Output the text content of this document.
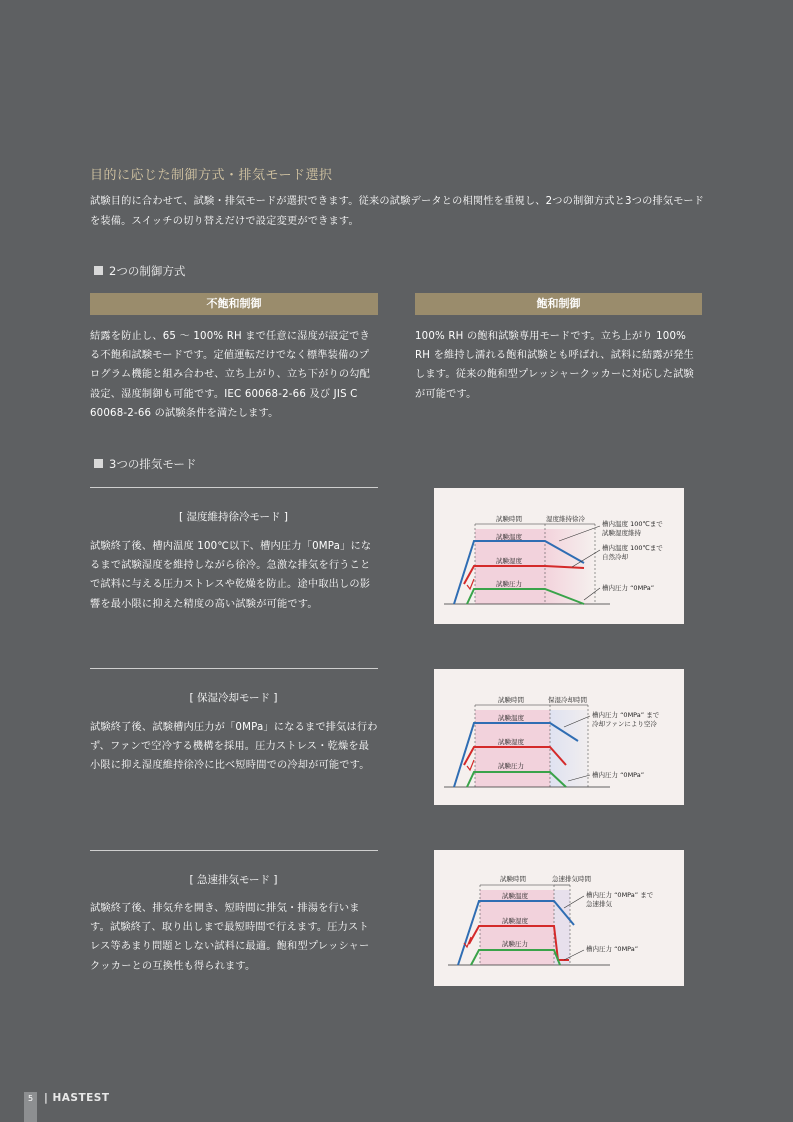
目的に応じた制御方式・排気モード選択
試験目的に合わせて、試験・排気モードが選択できます。従来の試験データとの相関性を重視し、2つの制御方式と3つの排気モードを装備。スイッチの切り替えだけで設定変更ができます。
2つの制御方式
不飽和制御	飽和制御
結露を防止し、65 ～ 100% RH まで任意に湿度が設定できる不飽和試験モードです。定値運転だけでなく標準装備のプログラム機能と組み合わせ、立ち上がり、立ち下がりの勾配設定、湿度制御も可能です。IEC 60068-2-66 及び JIS C 60068-2-66 の試験条件を満たします。
100% RH の飽和試験専用モードです。立ち上がり 100% RH を維持し濡れる飽和試験とも呼ばれ、試料に結露が発生します。従来の飽和型プレッシャークッカーに対応した試験が可能です。
3つの排気モード
[ 湿度維持徐冷モード ]
試験終了後、槽内温度 100℃以下、槽内圧力「0MPa」になるまで試験湿度を維持しながら徐冷。急激な排気を行うことで試料に与える圧力ストレスや乾燥を防止。途中取出しの影響を最小限に抑えた精度の高い試験が可能です。
試験時間	湿度維持徐冷
試験温度
試験湿度
試験圧力
槽内温度 100℃まで
試験湿度維持
槽内温度 100℃まで
自然冷却
槽内圧力 “0MPa”
[ 保湿冷却モード ]
試験終了後、試験槽内圧力が「0MPa」になるまで排気は行わず、ファンで空冷する機構を採用。圧力ストレス・乾燥を最小限に抑え湿度維持徐冷に比べ短時間での冷却が可能です。
試験時間	保湿冷却時間
試験温度
試験湿度
試験圧力
槽内圧力 “0MPa” まで
冷却ファンにより空冷
槽内圧力 “0MPa”
[ 急速排気モード ]
試験終了後、排気弁を開き、短時間に排気・排湯を行います。試験終了、取り出しまで最短時間で行えます。圧力ストレス等あまり問題としない試料に最適。飽和型プレッシャークッカーとの互換性も得られます。
試験時間	急速排気時間
試験温度
試験湿度
試験圧力
槽内圧力 “0MPa” まで
急速排気
槽内圧力 “0MPa”
5	| HASTEST
